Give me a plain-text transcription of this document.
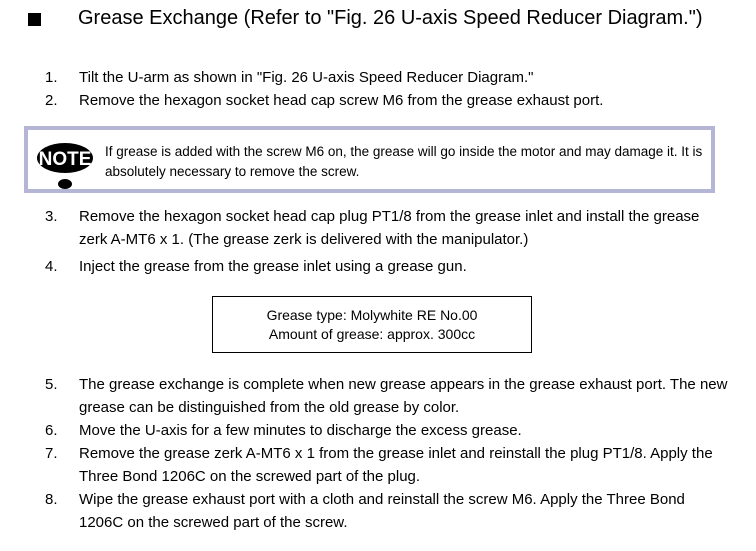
Grease Exchange (Refer to "Fig. 26 U-axis Speed Reducer Diagram.")
1.	Tilt the U-arm as shown in "Fig. 26 U-axis Speed Reducer Diagram."
2.	Remove the hexagon socket head cap screw M6 from the grease exhaust port.
NOTE If grease is added with the screw M6 on, the grease will go inside the motor and may damage it. It is absolutely necessary to remove the screw.
3.	Remove the hexagon socket head cap plug PT1/8 from the grease inlet and install the grease zerk A-MT6 x 1. (The grease zerk is delivered with the manipulator.)
4.	Inject the grease from the grease inlet using a grease gun.
Grease type: Molywhite RE No.00
Amount of grease: approx. 300cc
5.	The grease exchange is complete when new grease appears in the grease exhaust port. The new grease can be distinguished from the old grease by color.
6.	Move the U-axis for a few minutes to discharge the excess grease.
7.	Remove the grease zerk A-MT6 x 1 from the grease inlet and reinstall the plug PT1/8. Apply the Three Bond 1206C on the screwed part of the plug.
8.	Wipe the grease exhaust port with a cloth and reinstall the screw M6. Apply the Three Bond 1206C on the screwed part of the screw.
